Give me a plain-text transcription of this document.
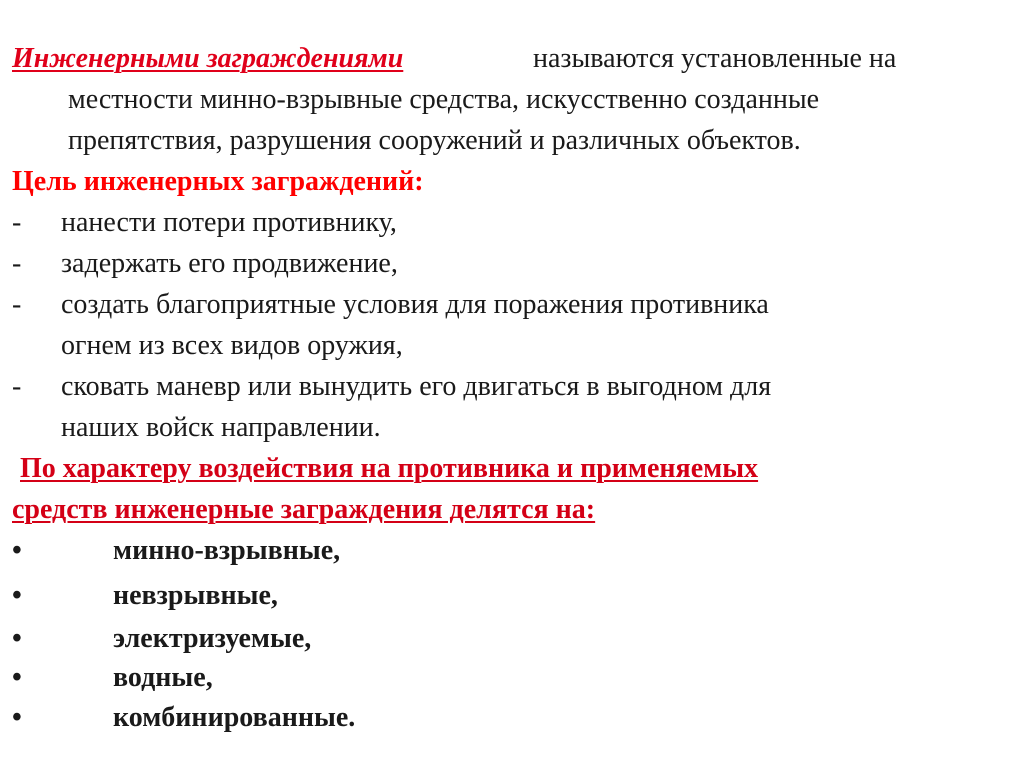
Инженерными заграждениями	называются установленные на
местности минно-взрывные средства, искусственно созданные
препятствия, разрушения сооружений и различных объектов.
Цель инженерных заграждений:
- нанести потери противнику,
- задержать его продвижение,
- создать благоприятные условия для поражения противника
огнем из всех видов оружия,
- сковать маневр или вынудить его двигаться в выгодном для
наших войск направлении.
По характеру воздействия на противника и применяемых
средств инженерные заграждения делятся на:
•	минно-взрывные,
•	невзрывные,
•	электризуемые,
•	водные,
•	комбинированные.
